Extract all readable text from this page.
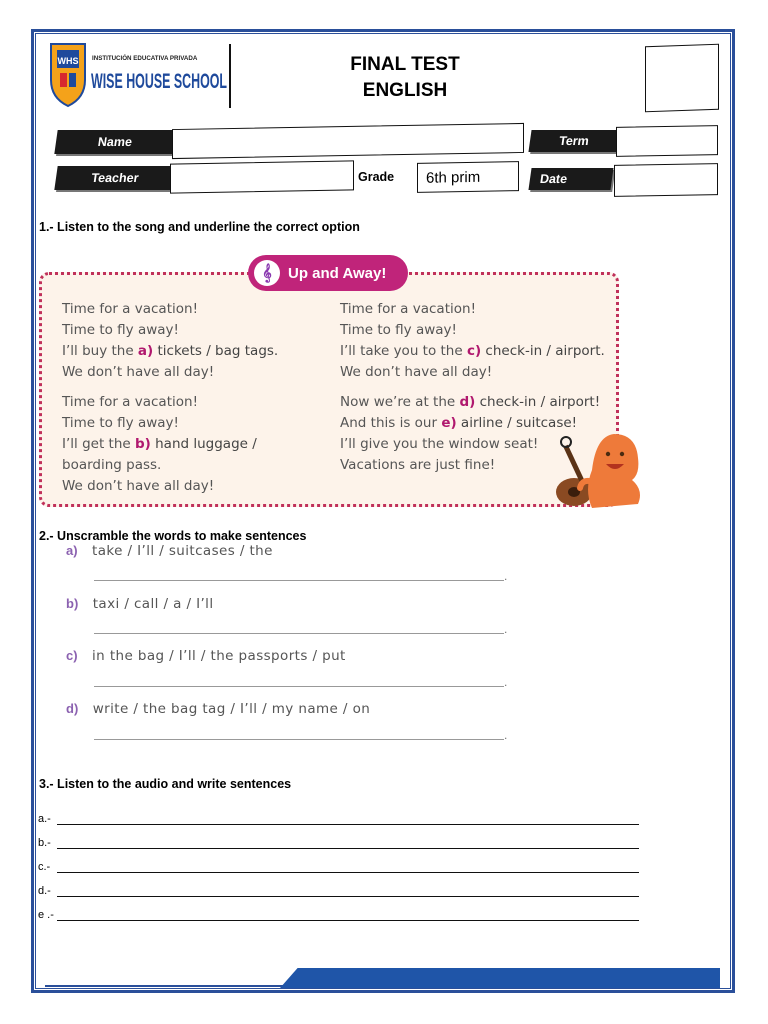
WHS INSTITUCIÓN EDUCATIVA PRIVADA
WISE HOUSE SCHOOL
FINAL TEST
ENGLISH
Name	Term
Teacher	Grade 6th prim	Date
1.- Listen to the song and underline the correct option
𝄞	Up and Away!
Time for a vacation!
Time to fly away!
I’ll buy the a) tickets / bag tags.
We don’t have all day!
Time for a vacation!
Time to fly away!
I’ll get the b) hand luggage /
boarding pass.
We don’t have all day!
Time for a vacation!
Time to fly away!
I’ll take you to the c) check-in / airport.
We don’t have all day!
Now we’re at the d) check-in / airport!
And this is our e) airline / suitcase!
I’ll give you the window seat!
Vacations are just fine!
2.- Unscramble the words to make sentences
a) take / I’ll / suitcases / the
.
b) taxi / call / a / I’ll
.
c) in the bag / I’ll / the passports / put
.
d) write / the bag tag / I’ll / my name / on
.
3.- Listen to the audio and write sentences
a.-
b.-
c.-
d.-
e .-
